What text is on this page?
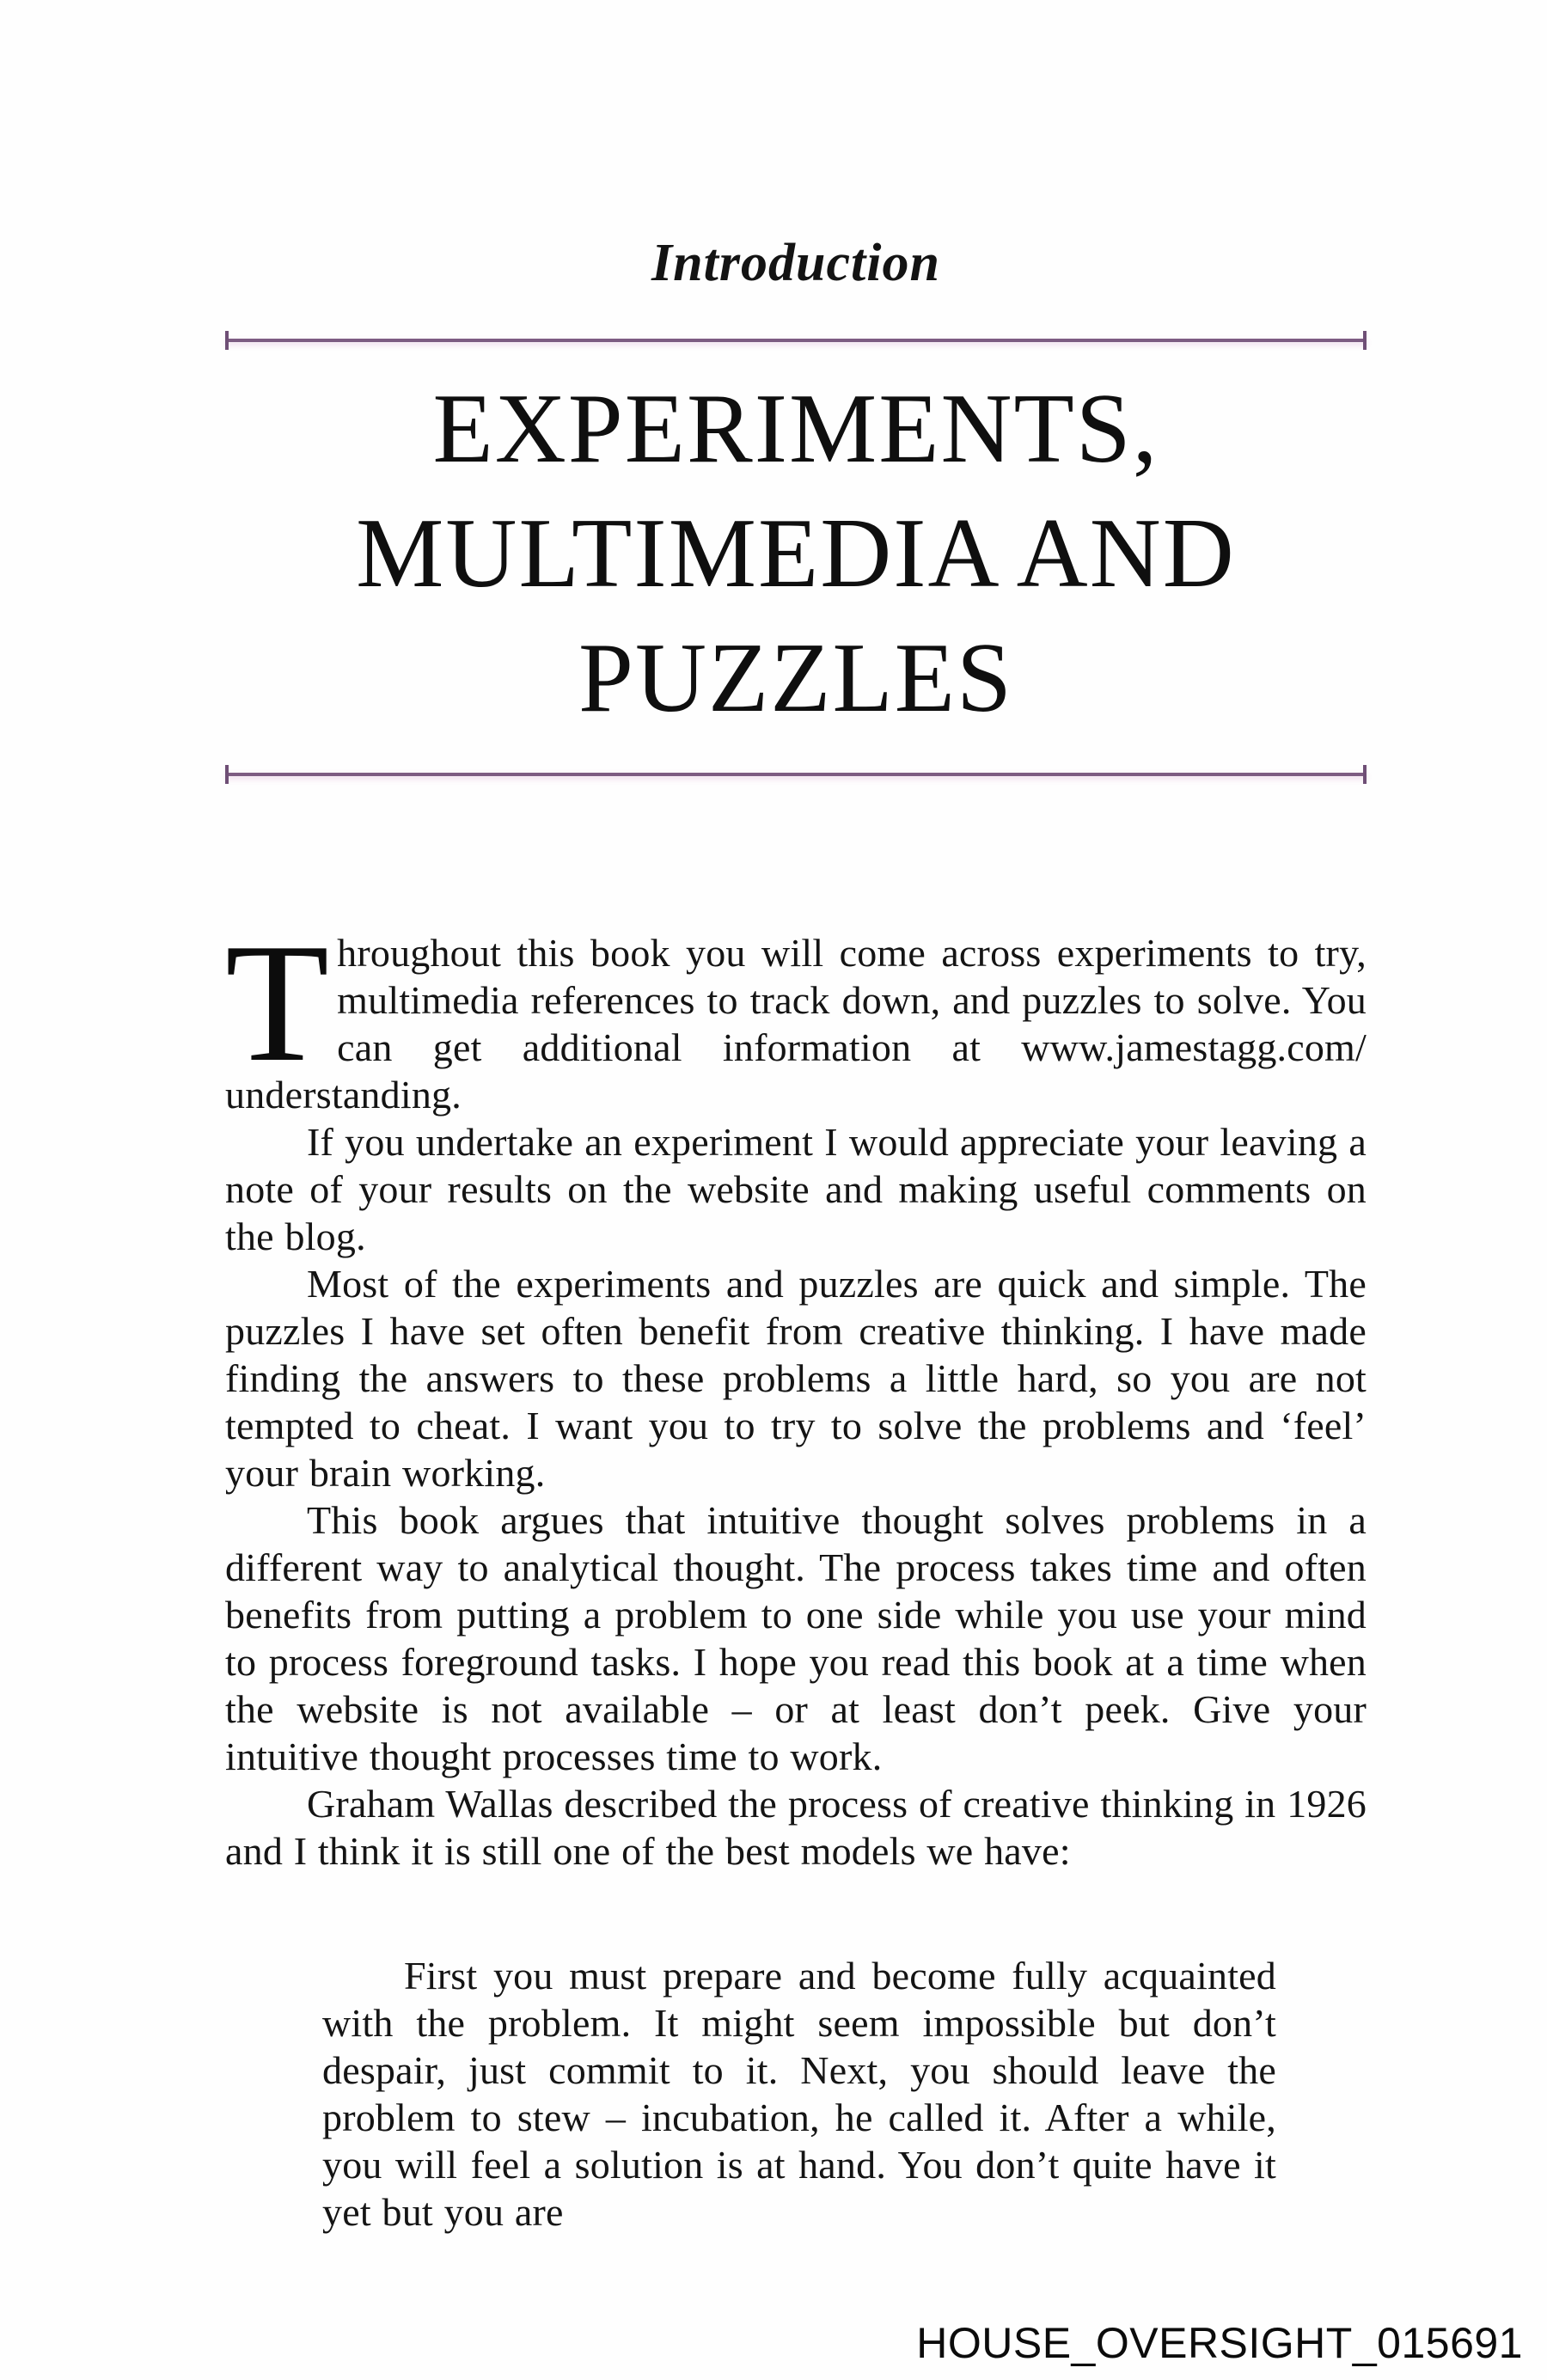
Introduction
EXPERIMENTS,
MULTIMEDIA AND
PUZZLES

Throughout this book you will come across experiments to try, multimedia references to track down, and puzzles to solve. You can get additional information at www.jamestagg.com/​understanding.

If you undertake an experiment I would appreciate your leaving a note of your results on the website and making useful comments on the blog.

Most of the experiments and puzzles are quick and simple. The puzzles I have set often benefit from creative thinking. I have made finding the answers to these problems a little hard, so you are not tempted to cheat. I want you to try to solve the problems and ‘feel’ your brain working.

This book argues that intuitive thought solves problems in a different way to analytical thought. The process takes time and often benefits from putting a problem to one side while you use your mind to process foreground tasks. I hope you read this book at a time when the website is not available – or at least don’t peek. Give your intuitive thought processes time to work.

Graham Wallas described the process of creative thinking in 1926 and I think it is still one of the best models we have:

First you must prepare and become fully acquainted with the problem. It might seem impossible but don’t despair, just commit to it. Next, you should leave the problem to stew – incubation, he called it. After a while, you will feel a solution is at hand. You don’t quite have it yet but you are
HOUSE_OVERSIGHT_015691
